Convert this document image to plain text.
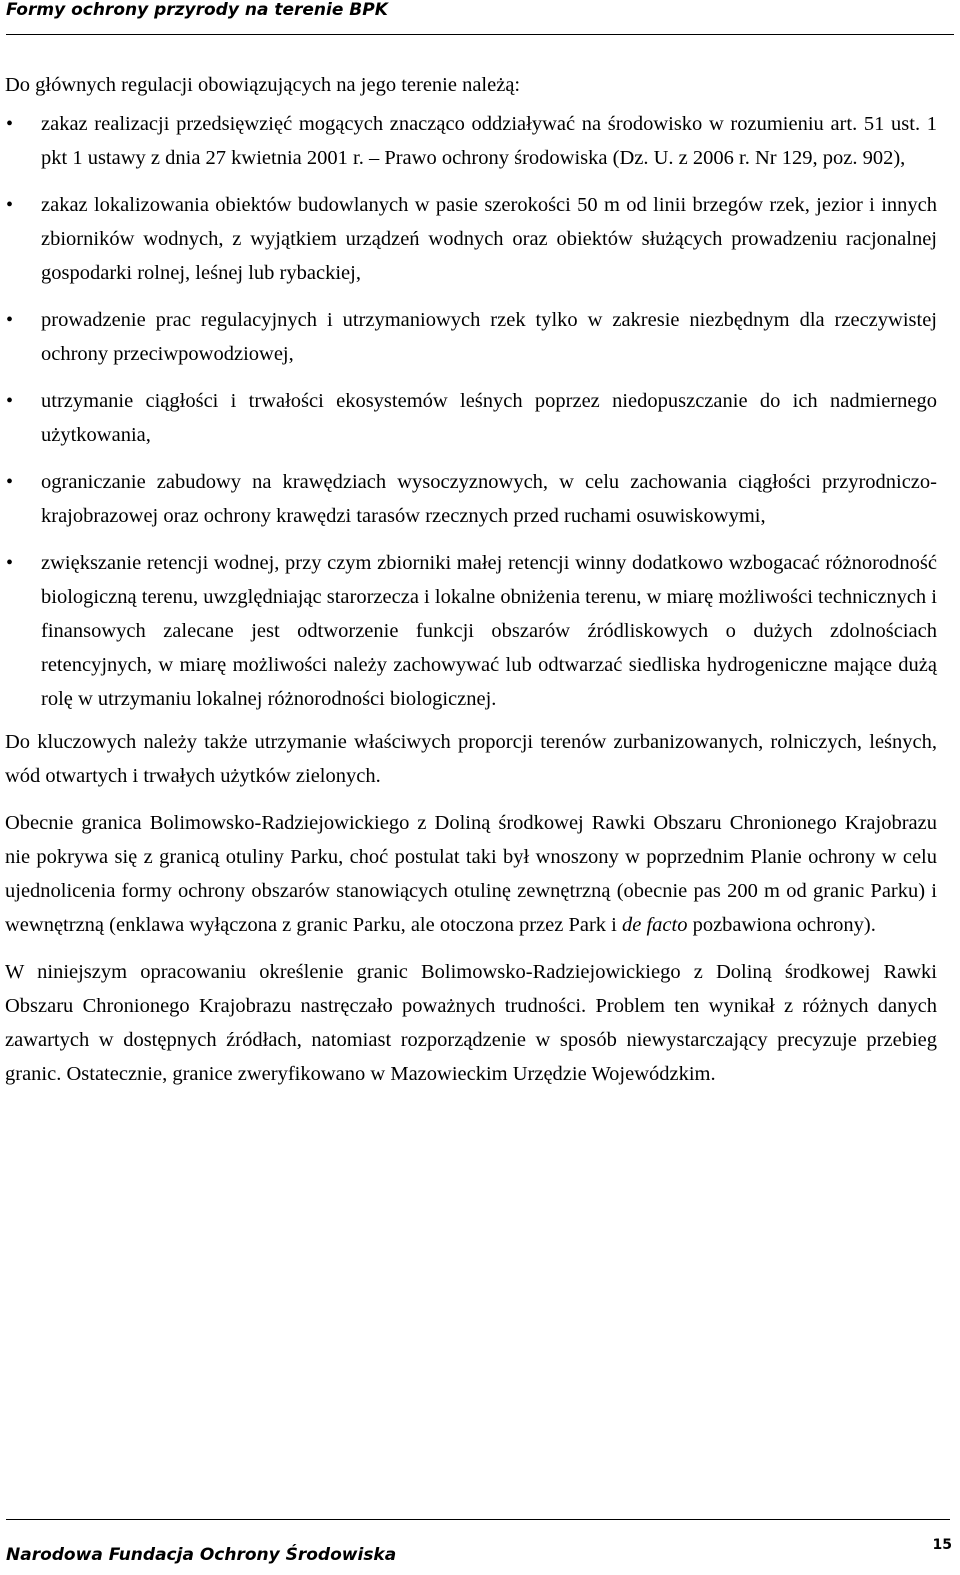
Formy ochrony przyrody na terenie BPK

Do głównych regulacji obowiązujących na jego terenie należą:

• zakaz realizacji przedsięwzięć mogących znacząco oddziaływać na środowisko w rozumieniu art. 51 ust. 1 pkt 1 ustawy z dnia 27 kwietnia 2001 r. – Prawo ochrony środowiska (Dz. U. z 2006 r. Nr 129, poz. 902),
• zakaz lokalizowania obiektów budowlanych w pasie szerokości 50 m od linii brzegów rzek, jezior i innych zbiorników wodnych, z wyjątkiem urządzeń wodnych oraz obiektów służących prowadzeniu racjonalnej gospodarki rolnej, leśnej lub rybackiej,
• prowadzenie prac regulacyjnych i utrzymaniowych rzek tylko w zakresie niezbędnym dla rzeczywistej ochrony przeciwpowodziowej,
• utrzymanie ciągłości i trwałości ekosystemów leśnych poprzez niedopuszczanie do ich nadmiernego użytkowania,
• ograniczanie zabudowy na krawędziach wysoczyznowych, w celu zachowania ciągłości przyrodniczo-krajobrazowej oraz ochrony krawędzi tarasów rzecznych przed ruchami osuwiskowymi,
• zwiększanie retencji wodnej, przy czym zbiorniki małej retencji winny dodatkowo wzbogacać różnorodność biologiczną terenu, uwzględniając starorzecza i lokalne obniżenia terenu, w miarę możliwości technicznych i finansowych zalecane jest odtworzenie funkcji obszarów źródliskowych o dużych zdolnościach retencyjnych, w miarę możliwości należy zachowywać lub odtwarzać siedliska hydrogeniczne mające dużą rolę w utrzymaniu lokalnej różnorodności biologicznej.

Do kluczowych należy także utrzymanie właściwych proporcji terenów zurbanizowanych, rolniczych, leśnych, wód otwartych i trwałych użytków zielonych.

Obecnie granica Bolimowsko-Radziejowickiego z Doliną środkowej Rawki Obszaru Chronionego Krajobrazu nie pokrywa się z granicą otuliny Parku, choć postulat taki był wnoszony w poprzednim Planie ochrony w celu ujednolicenia formy ochrony obszarów stanowiących otulinę zewnętrzną (obecnie pas 200 m od granic Parku) i wewnętrzną (enklawa wyłączona z granic Parku, ale otoczona przez Park i de facto pozbawiona ochrony).

W niniejszym opracowaniu określenie granic Bolimowsko-Radziejowickiego z Doliną środkowej Rawki Obszaru Chronionego Krajobrazu nastręczało poważnych trudności. Problem ten wynikał z różnych danych zawartych w dostępnych źródłach, natomiast rozporządzenie w sposób niewystarczający precyzuje przebieg granic. Ostatecznie, granice zweryfikowano w Mazowieckim Urzędzie Wojewódzkim.

Narodowa Fundacja Ochrony Środowiska	15
